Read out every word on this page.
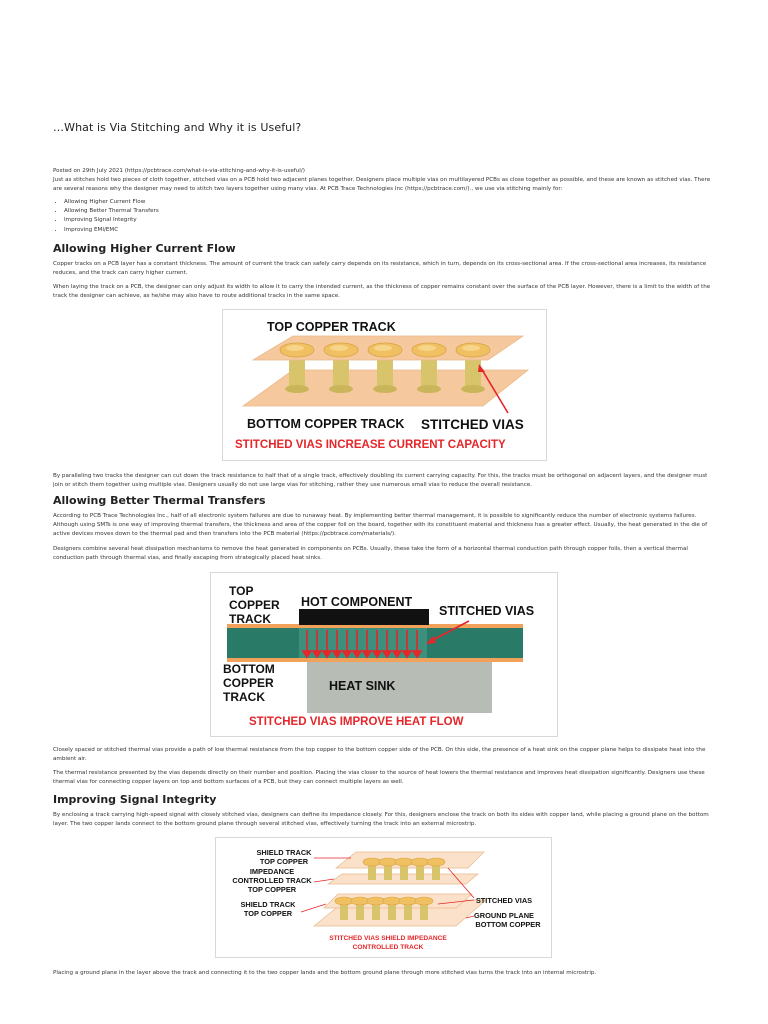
…What is Via Stitching and Why it is Useful?
Posted on 29th July 2021 (https://pcbtrace.com/what-is-via-stitching-and-why-it-is-useful/)
Just as stitches hold two pieces of cloth together, stitched vias on a PCB hold two adjacent planes together. Designers place multiple vias on multilayered PCBs as close together as possible, and these are known as stitched vias. There are several reasons why the designer may need to stitch two layers together using many vias. At PCB Trace Technologies Inc (https://pcbtrace.com/)., we use via stitching mainly for:
• Allowing Higher Current Flow
• Allowing Better Thermal Transfers
• Improving Signal Integrity
• Improving EMI/EMC
Allowing Higher Current Flow

Copper tracks on a PCB layer has a constant thickness. The amount of current the track can safely carry depends on its resistance, which in turn, depends on its cross-sectional area. If the cross-sectional area increases, its resistance reduces, and the track can carry higher current.

When laying the track on a PCB, the designer can only adjust its width to allow it to carry the intended current, as the thickness of copper remains constant over the surface of the PCB layer. However, there is a limit to the width of the track the designer can achieve, as he/she may also have to route additional tracks in the same space.

TOP COPPER TRACK
BOTTOM COPPER TRACK STITCHED VIAS
STITCHED VIAS INCREASE CURRENT CAPACITY

By paralleling two tracks the designer can cut down the track resistance to half that of a single track, effectively doubling its current carrying capacity. For this, the tracks must be orthogonal on adjacent layers, and the designer must join or stitch them together using multiple vias. Designers usually do not use large vias for stitching, rather they use numerous small vias to reduce the overall resistance.

Allowing Better Thermal Transfers

According to PCB Trace Technologies Inc., half of all electronic system failures are due to runaway heat. By implementing better thermal management, it is possible to significantly reduce the number of electronic systems failures. Although using SMTs is one way of improving thermal transfers, the thickness and area of the copper foil on the board, together with its constituent material and thickness has a greater effect. Usually, the heat generated in the die of active devices moves down to the thermal pad and then transfers into the PCB material (https://pcbtrace.com/materials/).

Designers combine several heat dissipation mechanisms to remove the heat generated in components on PCBs. Usually, these take the form of a horizontal thermal conduction path through copper foils, then a vertical thermal conduction path through thermal vias, and finally escaping from strategically placed heat sinks.

TOP
COPPER
TRACK
HOT COMPONENT
STITCHED VIAS
BOTTOM
COPPER
TRACK
HEAT SINK
STITCHED VIAS IMPROVE HEAT FLOW

Closely spaced or stitched thermal vias provide a path of low thermal resistance from the top copper to the bottom copper side of the PCB. On this side, the presence of a heat sink on the copper plane helps to dissipate heat into the ambient air.

The thermal resistance presented by the vias depends directly on their number and position. Placing the vias closer to the source of heat lowers the thermal resistance and improves heat dissipation significantly. Designers use these thermal vias for connecting copper layers on top and bottom surfaces of a PCB, but they can connect multiple layers as well.

Improving Signal Integrity

By enclosing a track carrying high-speed signal with closely stitched vias, designers can define its impedance closely. For this, designers enclose the track on both its sides with copper land, while placing a ground plane on the bottom layer. The two copper lands connect to the bottom ground plane through several stitched vias, effectively turning the track into an external microstrip.

SHIELD TRACK
TOP COPPER
IMPEDANCE
CONTROLLED TRACK
TOP COPPER
SHIELD TRACK
TOP COPPER
STITCHED VIAS
GROUND PLANE
BOTTOM COPPER
STITCHED VIAS SHIELD IMPEDANCE
CONTROLLED TRACK

Placing a ground plane in the layer above the track and connecting it to the two copper lands and the bottom ground plane through more stitched vias turns the track into an internal microstrip.
